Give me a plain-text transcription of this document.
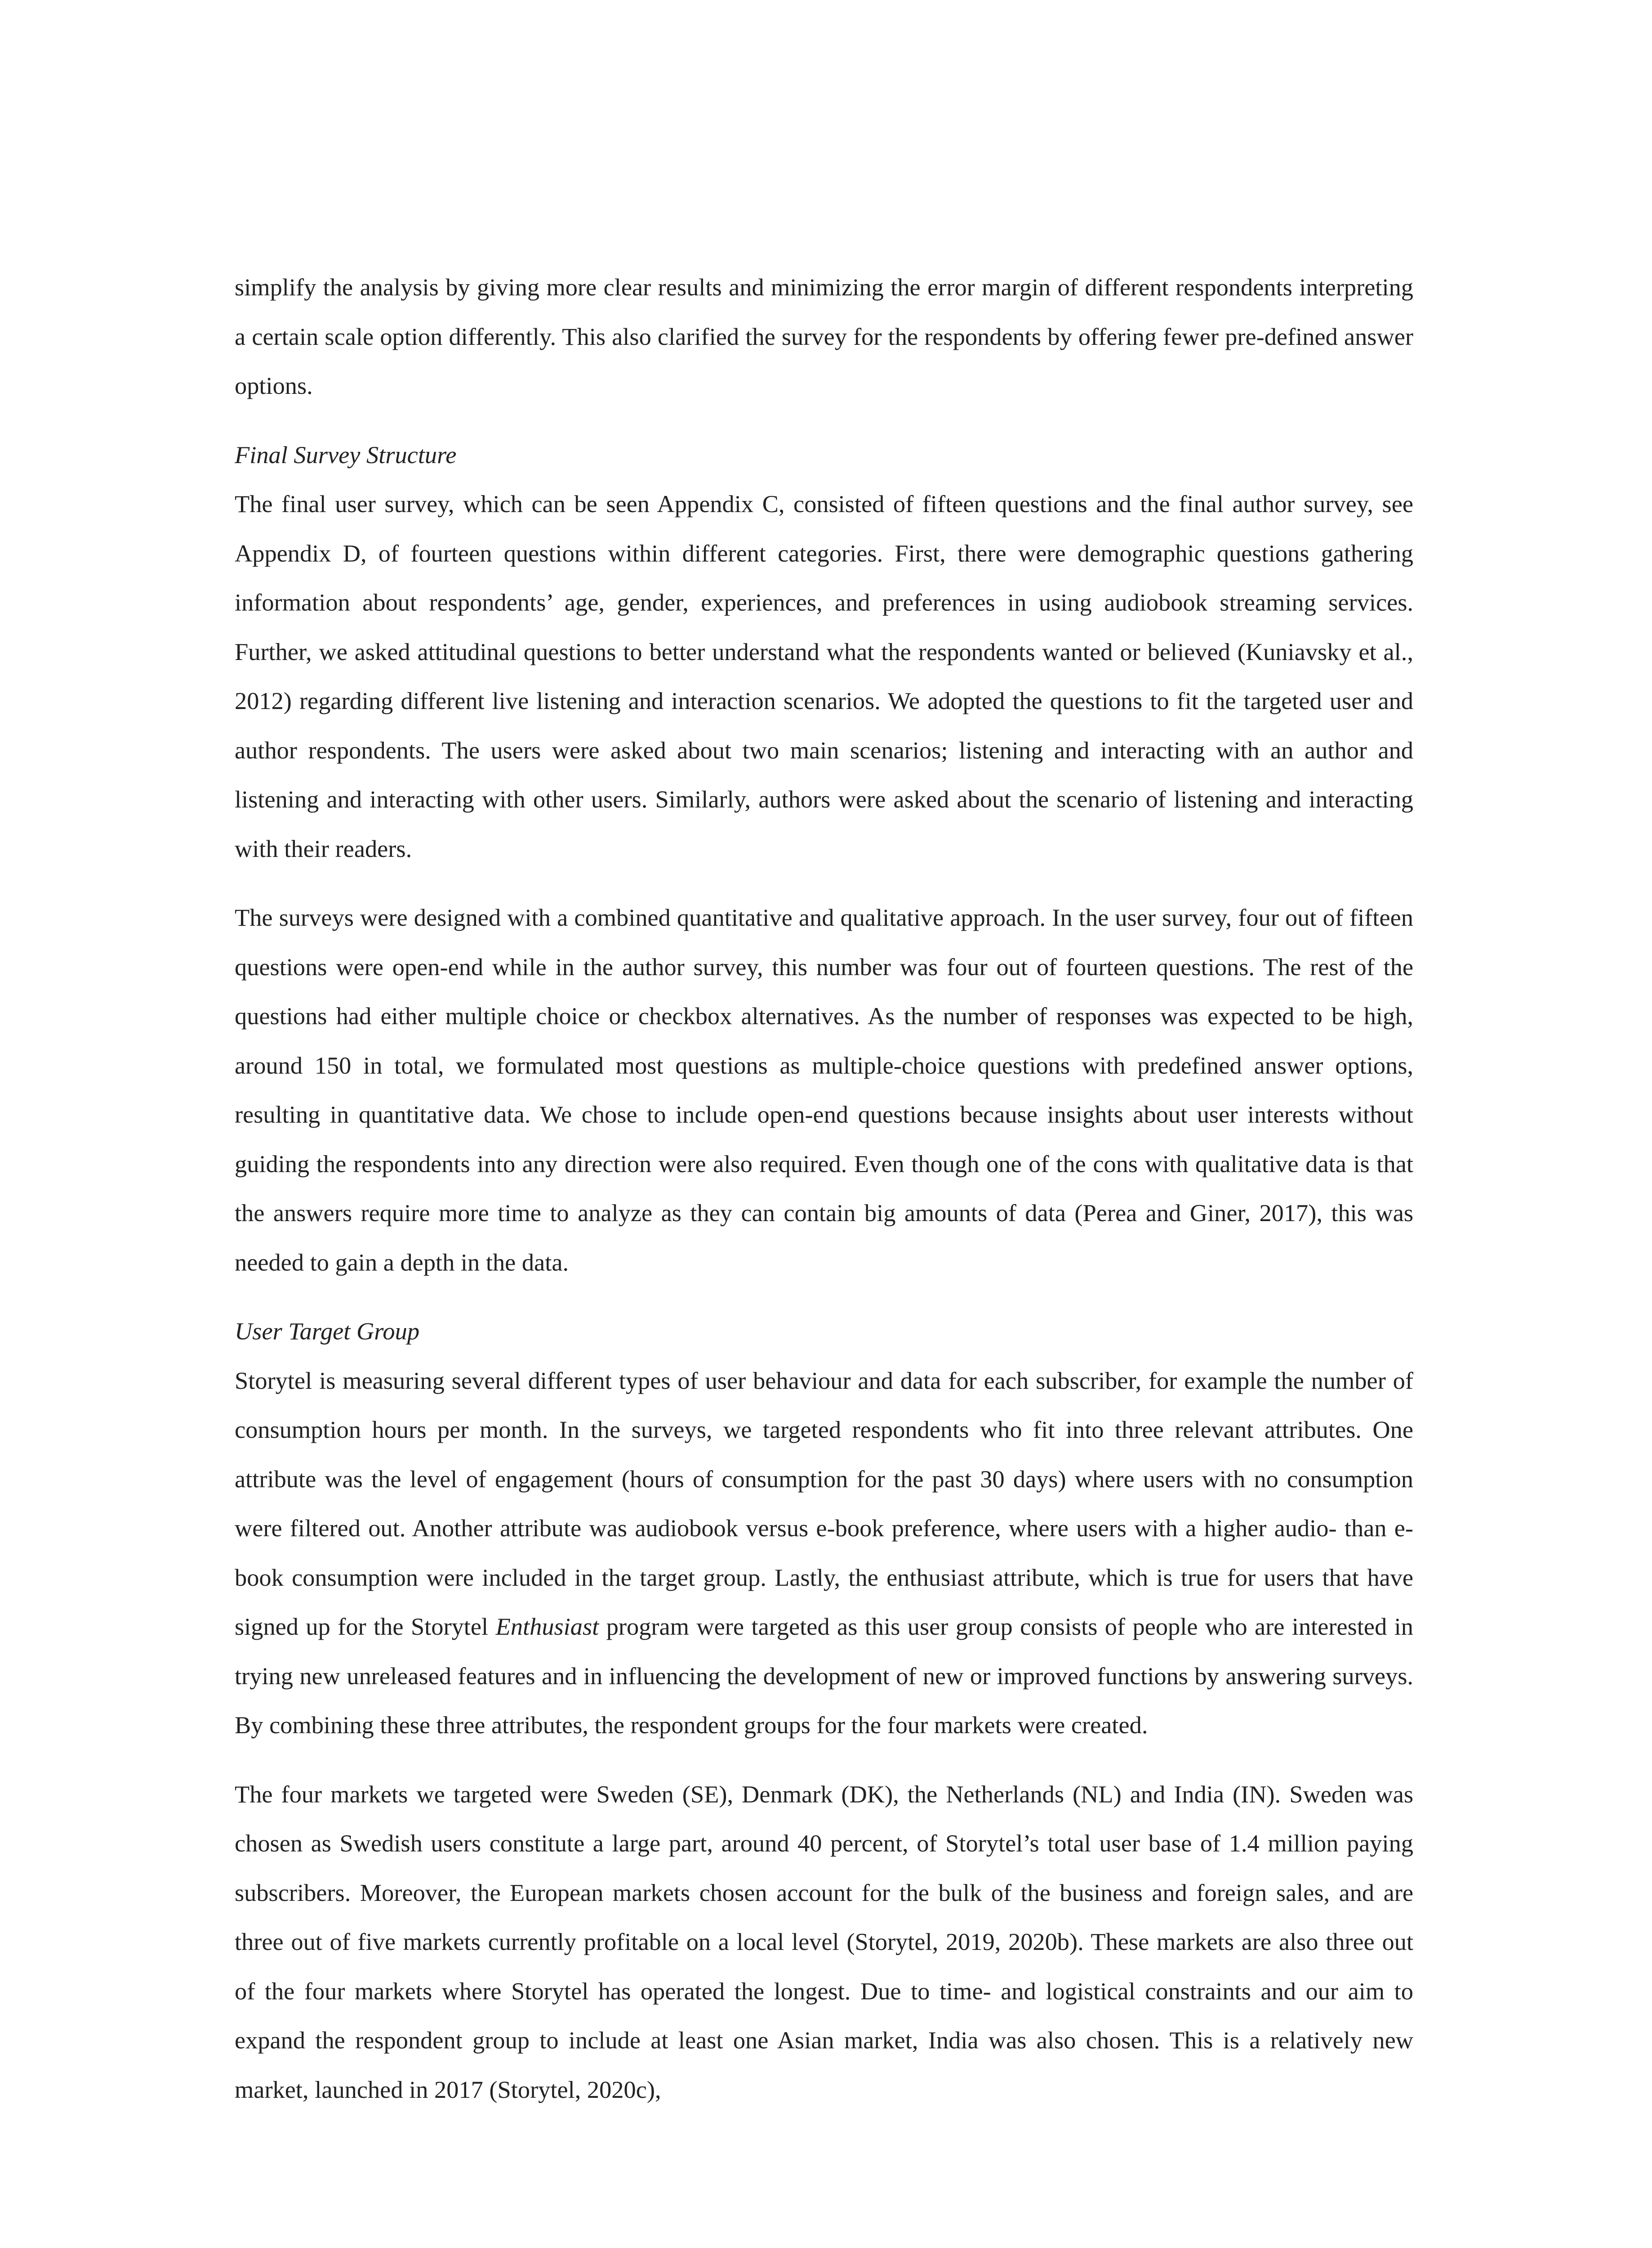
simplify the analysis by giving more clear results and minimizing the error margin of different respondents interpreting a certain scale option differently. This also clarified the survey for the respondents by offering fewer pre-defined answer options.

Final Survey Structure

The final user survey, which can be seen Appendix C, consisted of fifteen questions and the final author survey, see Appendix D, of fourteen questions within different categories. First, there were demographic questions gathering information about respondents’ age, gender, experiences, and preferences in using audiobook streaming services. Further, we asked attitudinal questions to better understand what the respondents wanted or believed (Kuniavsky et al., 2012) regarding different live listening and interaction scenarios. We adopted the questions to fit the targeted user and author respondents. The users were asked about two main scenarios; listening and interacting with an author and listening and interacting with other users. Similarly, authors were asked about the scenario of listening and interacting with their readers.

The surveys were designed with a combined quantitative and qualitative approach. In the user survey, four out of fifteen questions were open-end while in the author survey, this number was four out of fourteen questions. The rest of the questions had either multiple choice or checkbox alternatives. As the number of responses was expected to be high, around 150 in total, we formulated most questions as multiple-choice questions with predefined answer options, resulting in quantitative data. We chose to include open-end questions because insights about user interests without guiding the respondents into any direction were also required. Even though one of the cons with qualitative data is that the answers require more time to analyze as they can contain big amounts of data (Perea and Giner, 2017), this was needed to gain a depth in the data.

User Target Group

Storytel is measuring several different types of user behaviour and data for each subscriber, for example the number of consumption hours per month. In the surveys, we targeted respondents who fit into three relevant attributes. One attribute was the level of engagement (hours of consumption for the past 30 days) where users with no consumption were filtered out. Another attribute was audiobook versus e-book preference, where users with a higher audio- than e-book consumption were included in the target group. Lastly, the enthusiast attribute, which is true for users that have signed up for the Storytel Enthusiast program were targeted as this user group consists of people who are interested in trying new unreleased features and in influencing the development of new or improved functions by answering surveys. By combining these three attributes, the respondent groups for the four markets were created.

The four markets we targeted were Sweden (SE), Denmark (DK), the Netherlands (NL) and India (IN). Sweden was chosen as Swedish users constitute a large part, around 40 percent, of Storytel’s total user base of 1.4 million paying subscribers. Moreover, the European markets chosen account for the bulk of the business and foreign sales, and are three out of five markets currently profitable on a local level (Storytel, 2019, 2020b). These markets are also three out of the four markets where Storytel has operated the longest. Due to time- and logistical constraints and our aim to expand the respondent group to include at least one Asian market, India was also chosen. This is a relatively new market, launched in 2017 (Storytel, 2020c),
